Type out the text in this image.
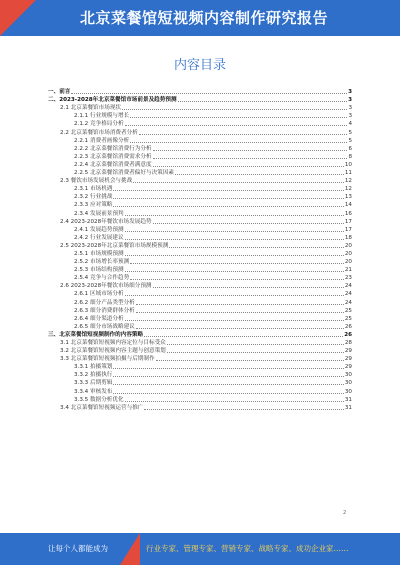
北京菜餐馆短视频内容制作研究报告
内容目录
一、前言	3
二、2023-2028年北京菜餐馆市场前景及趋势预测	3
2.1 北京菜餐馆市场现状	3
2.1.1 行业规模与增长	3
2.1.2 竞争格局分析	4
2.2 北京菜餐馆市场消费者分析	5
2.2.1 消费者画像分析	5
2.2.2 北京菜餐馆消费行为分析	6
2.2.3 北京菜餐馆消费需求分析	8
2.2.4 北京菜餐馆消费者满意度	10
2.2.5 北京菜餐馆消费者偏好与决策因素	11
2.3 餐饮市场发展机会与挑战	12
2.3.1 市场机遇	12
2.3.2 行业挑战	13
2.3.3 应对策略	14
2.3.4 发展前景预判	16
2.4 2023-2028年餐饮市场发展趋势	17
2.4.1 发展趋势预测	17
2.4.2 行业发展建议	18
2.5 2023-2028年北京菜餐馆市场规模预测	20
2.5.1 市场规模预测	20
2.5.2 市场增长率预测	20
2.5.3 市场结构预测	21
2.5.4 竞争与合作趋势	23
2.6 2023-2028年餐饮市场细分预测	24
2.6.1 区域市场分析	24
2.6.2 细分产品类型分析	24
2.6.3 细分消费群体分析	25
2.6.4 细分渠道分析	25
2.6.5 细分市场战略建议	26
三、北京菜餐馆短视频制作的内容策略	26
3.1 北京菜餐馆短视频内容定位与目标受众	28
3.2 北京菜餐馆短视频内容主题与创意策划	29
3.3 北京菜餐馆短视频拍摄与后期制作	29
3.3.1 拍摄策划	29
3.3.2 拍摄执行	30
3.3.3 后期剪辑	30
3.3.4 审核发布	30
3.3.5 数据分析优化	31
3.4 北京菜餐馆短视频运营与推广	31
2
让每个人都能成为	行业专家、管理专家、营销专家、战略专家、成功企业家……
